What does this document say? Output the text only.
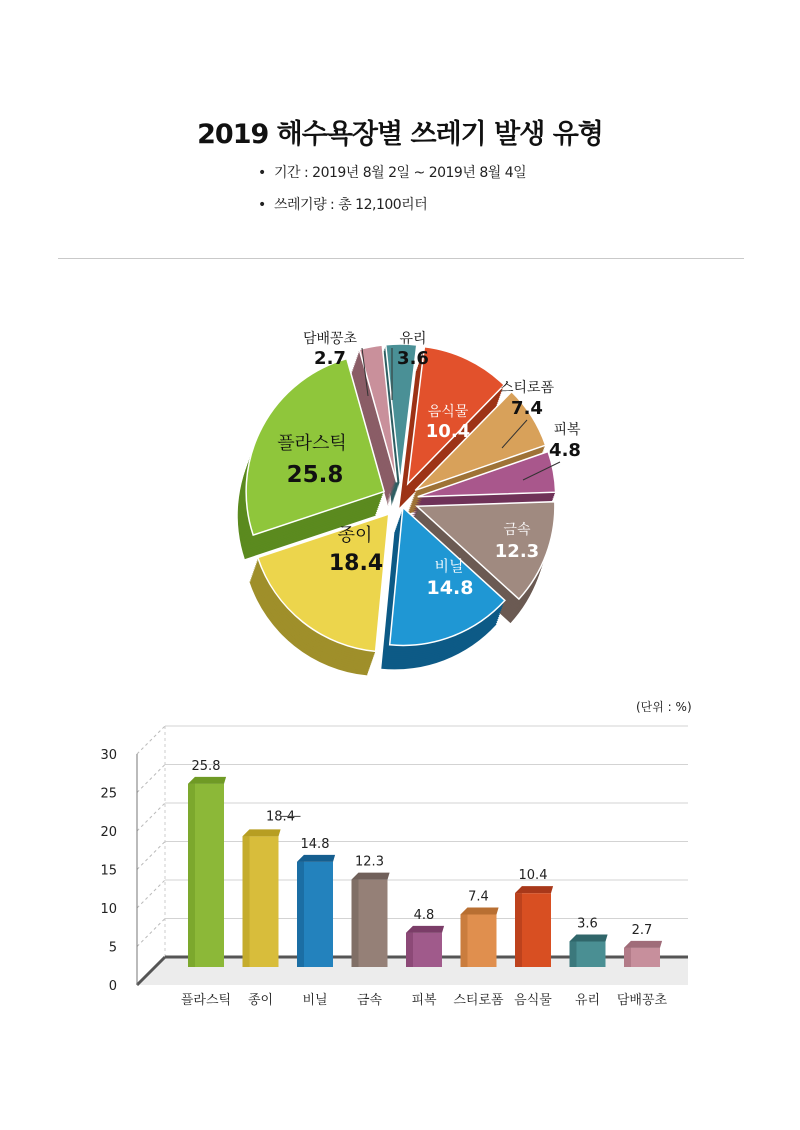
2019 해수욕장별 쓰레기 발생 유형
• 기간 : 2019년 8월 2일 ~ 2019년 8월 4일
• 쓰레기량 : 총 12,100리터
유리
3.6
음식물
10.4
스티로폼
7.4
피복
4.8
금속
12.3
비닐
14.8
종이
18.4
플라스틱
25.8
담배꽁초
2.7
(단위 : %)
0
5
10
15
20
25
30
25.8
플라스틱
18.4
종이
14.8
비닐
12.3
금속
4.8
피복
7.4
스티로폼
10.4
음식물
3.6
유리
2.7
담배꽁초
